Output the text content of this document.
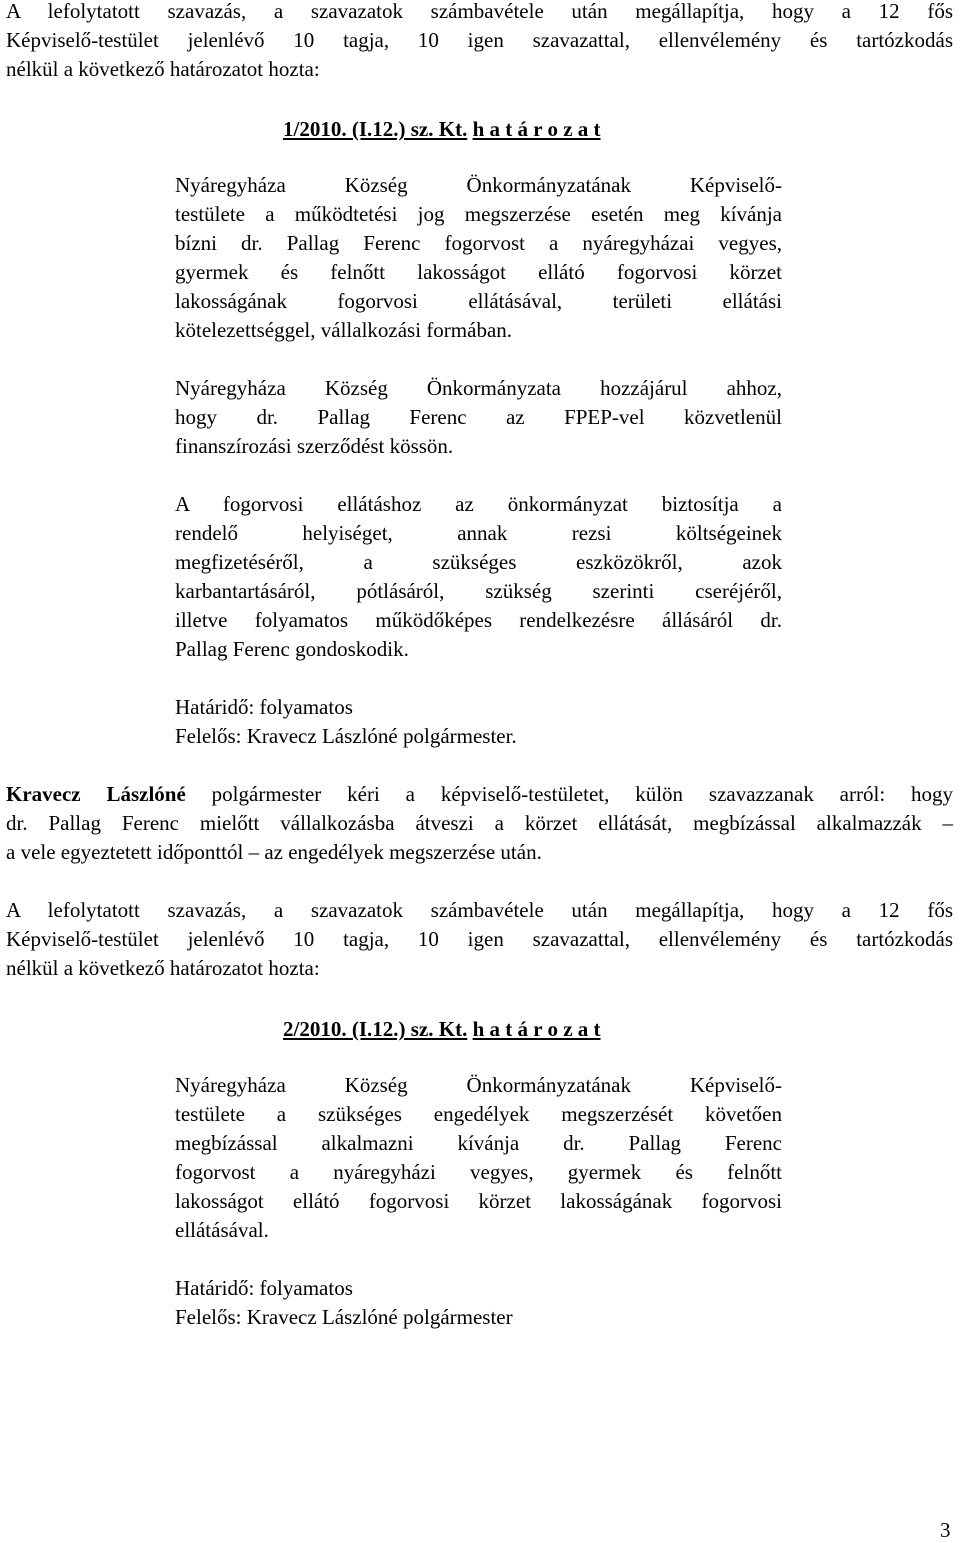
A lefolytatott szavazás, a szavazatok számbavétele után megállapítja, hogy a 12 fős
Képviselő-testület jelenlévő 10 tagja, 10 igen szavazattal, ellenvélemény és tartózkodás
nélkül a következő határozatot hozta:
1/2010. (I.12.) sz. Kt. h a t á r o z a t
Nyáregyháza Község Önkormányzatának Képviselő-
testülete a működtetési jog megszerzése esetén meg kívánja
bízni dr. Pallag Ferenc fogorvost a nyáregyházai vegyes,
gyermek és felnőtt lakosságot ellátó fogorvosi körzet
lakosságának fogorvosi ellátásával, területi ellátási
kötelezettséggel, vállalkozási formában.
Nyáregyháza Község Önkormányzata hozzájárul ahhoz,
hogy dr. Pallag Ferenc az FPEP-vel közvetlenül
finanszírozási szerződést kössön.
A fogorvosi ellátáshoz az önkormányzat biztosítja a
rendelő helyiséget, annak rezsi költségeinek
megfizetéséről, a szükséges eszközökről, azok
karbantartásáról, pótlásáról, szükség szerinti cseréjéről,
illetve folyamatos működőképes rendelkezésre állásáról dr.
Pallag Ferenc gondoskodik.
Határidő: folyamatos
Felelős: Kravecz Lászlóné polgármester.
Kravecz Lászlóné polgármester kéri a képviselő-testületet, külön szavazzanak arról: hogy
dr. Pallag Ferenc mielőtt vállalkozásba átveszi a körzet ellátását, megbízással alkalmazzák –
a vele egyeztetett időponttól – az engedélyek megszerzése után.
A lefolytatott szavazás, a szavazatok számbavétele után megállapítja, hogy a 12 fős
Képviselő-testület jelenlévő 10 tagja, 10 igen szavazattal, ellenvélemény és tartózkodás
nélkül a következő határozatot hozta:
2/2010. (I.12.) sz. Kt. h a t á r o z a t
Nyáregyháza Község Önkormányzatának Képviselő-
testülete a szükséges engedélyek megszerzését követően
megbízással alkalmazni kívánja dr. Pallag Ferenc
fogorvost a nyáregyházi vegyes, gyermek és felnőtt
lakosságot ellátó fogorvosi körzet lakosságának fogorvosi
ellátásával.
Határidő: folyamatos
Felelős: Kravecz Lászlóné polgármester
3
